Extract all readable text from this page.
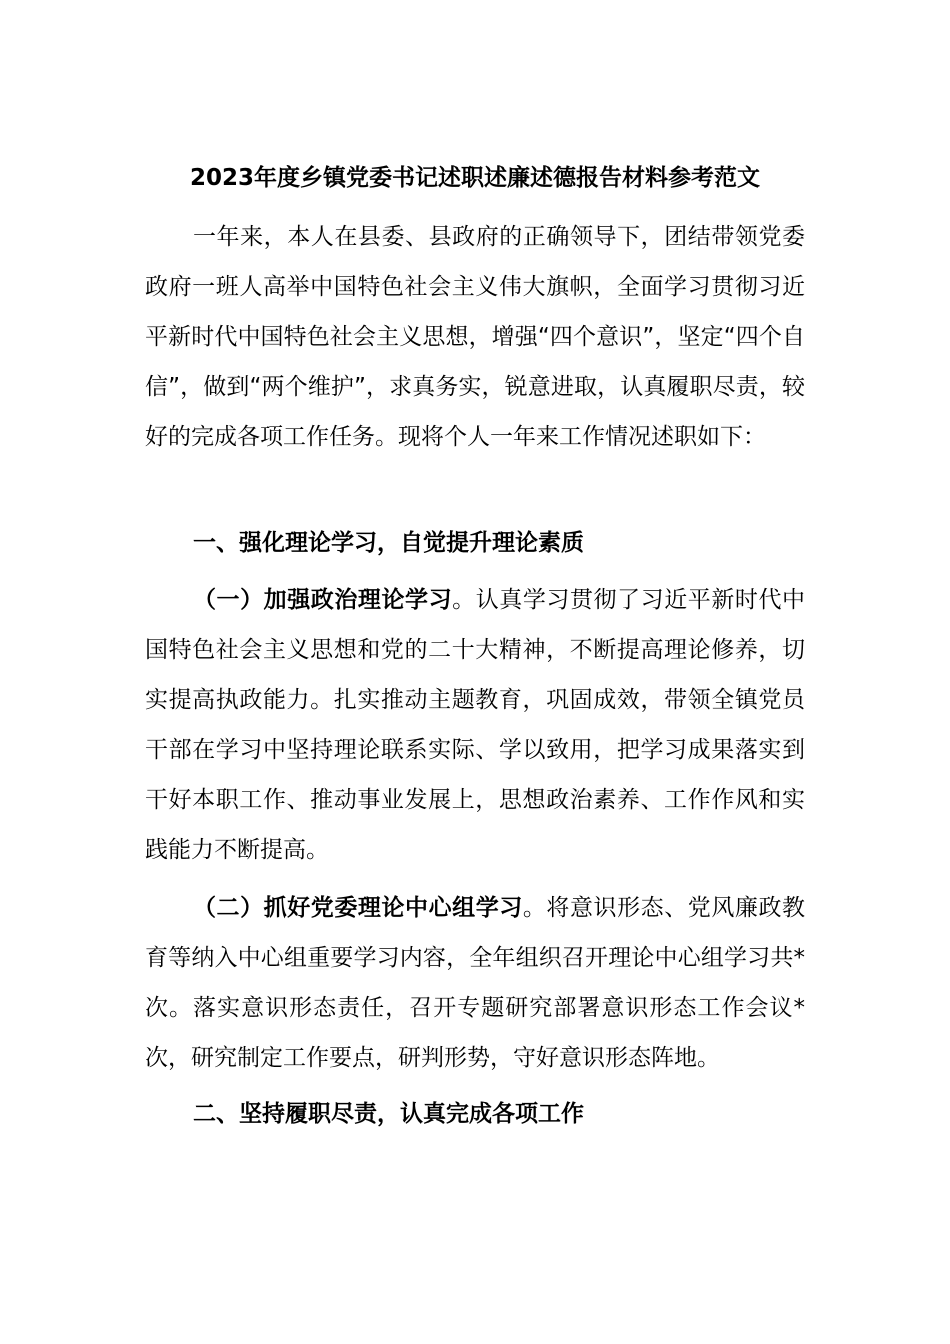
2023年度乡镇党委书记述职述廉述德报告材料参考范文

一年来，本人在县委、县政府的正确领导下，团结带领党委政府一班人高举中国特色社会主义伟大旗帜，全面学习贯彻习近平新时代中国特色社会主义思想，增强“四个意识”，坚定“四个自信”，做到“两个维护”，求真务实，锐意进取，认真履职尽责，较好的完成各项工作任务。现将个人一年来工作情况述职如下：

一、强化理论学习，自觉提升理论素质

（一）加强政治理论学习。认真学习贯彻了习近平新时代中国特色社会主义思想和党的二十大精神，不断提高理论修养，切实提高执政能力。扎实推动主题教育，巩固成效，带领全镇党员干部在学习中坚持理论联系实际、学以致用，把学习成果落实到干好本职工作、推动事业发展上，思想政治素养、工作作风和实践能力不断提高。

（二）抓好党委理论中心组学习。将意识形态、党风廉政教育等纳入中心组重要学习内容，全年组织召开理论中心组学习共*次。落实意识形态责任，召开专题研究部署意识形态工作会议*次，研究制定工作要点，研判形势，守好意识形态阵地。

二、坚持履职尽责，认真完成各项工作
